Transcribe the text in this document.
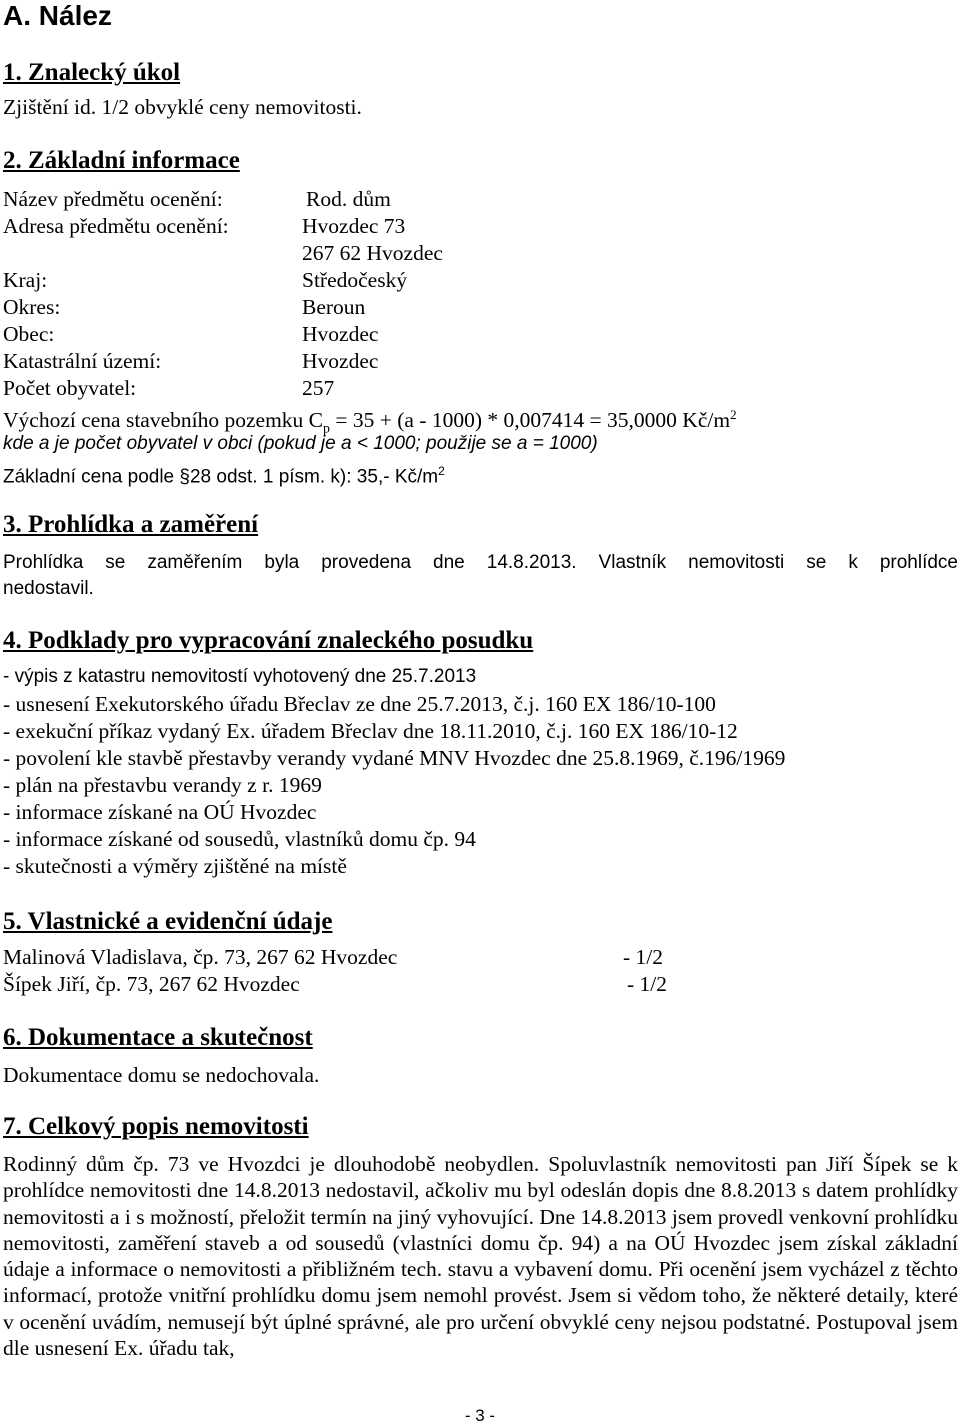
A. Nález
1. Znalecký úkol
Zjištění id. 1/2 obvyklé ceny nemovitosti.
2. Základní informace
Název předmětu ocenění:	Rod. dům
Adresa předmětu ocenění:	Hvozdec 73
267 62 Hvozdec
Kraj:	Středočeský
Okres:	Beroun
Obec:	Hvozdec
Katastrální území:	Hvozdec
Počet obyvatel:	257
Výchozí cena stavebního pozemku $C_p = 35 + (a - 1000) * 0,007414 = 35,0000$ $Kč/m^2$
kde a je počet obyvatel v obci (pokud je a < 1000; použije se a = 1000)
Základní cena podle §28 odst. 1 písm. k): 35,- $Kč/m^2$
3. Prohlídka a zaměření
Prohlídka se zaměřením byla provedena dne 14.8.2013. Vlastník nemovitosti se k prohlídce
nedostavil.
4. Podklady pro vypracování znaleckého posudku
- výpis z katastru nemovitostí vyhotovený dne 25.7.2013
- usnesení Exekutorského úřadu Břeclav ze dne 25.7.2013, č.j. 160 EX 186/10-100
- exekuční příkaz vydaný Ex. úřadem Břeclav dne 18.11.2010, č.j. 160 EX 186/10-12
- povolení kle stavbě přestavby verandy vydané MNV Hvozdec dne 25.8.1969, č.196/1969
- plán na přestavbu verandy z r. 1969
- informace získané na OÚ Hvozdec
- informace získané od sousedů, vlastníků domu čp. 94
- skutečnosti a výměry zjištěné na místě
5. Vlastnické a evidenční údaje
Malinová Vladislava, čp. 73, 267 62 Hvozdec	- 1/2
Šípek Jiří, čp. 73, 267 62 Hvozdec	- 1/2
6. Dokumentace a skutečnost
Dokumentace domu se nedochovala.
7. Celkový popis nemovitosti
Rodinný dům čp. 73 ve Hvozdci je dlouhodobě neobydlen. Spoluvlastník nemovitosti pan Jiří Šípek se k prohlídce nemovitosti dne 14.8.2013 nedostavil, ačkoliv mu byl odeslán dopis dne 8.8.2013 s datem prohlídky nemovitosti a i s možností, přeložit termín na jiný vyhovující. Dne 14.8.2013 jsem provedl venkovní prohlídku nemovitosti, zaměření staveb a od sousedů (vlastníci domu čp. 94) a na OÚ Hvozdec jsem získal základní údaje a informace o nemovitosti a přibližném tech. stavu a vybavení domu. Při ocenění jsem vycházel z těchto informací, protože vnitřní prohlídku domu jsem nemohl provést. Jsem si vědom toho, že některé detaily, které v ocenění uvádím, nemusejí být úplné správné, ale pro určení obvyklé ceny nejsou podstatné. Postupoval jsem dle usnesení Ex. úřadu tak,
- 3 -
